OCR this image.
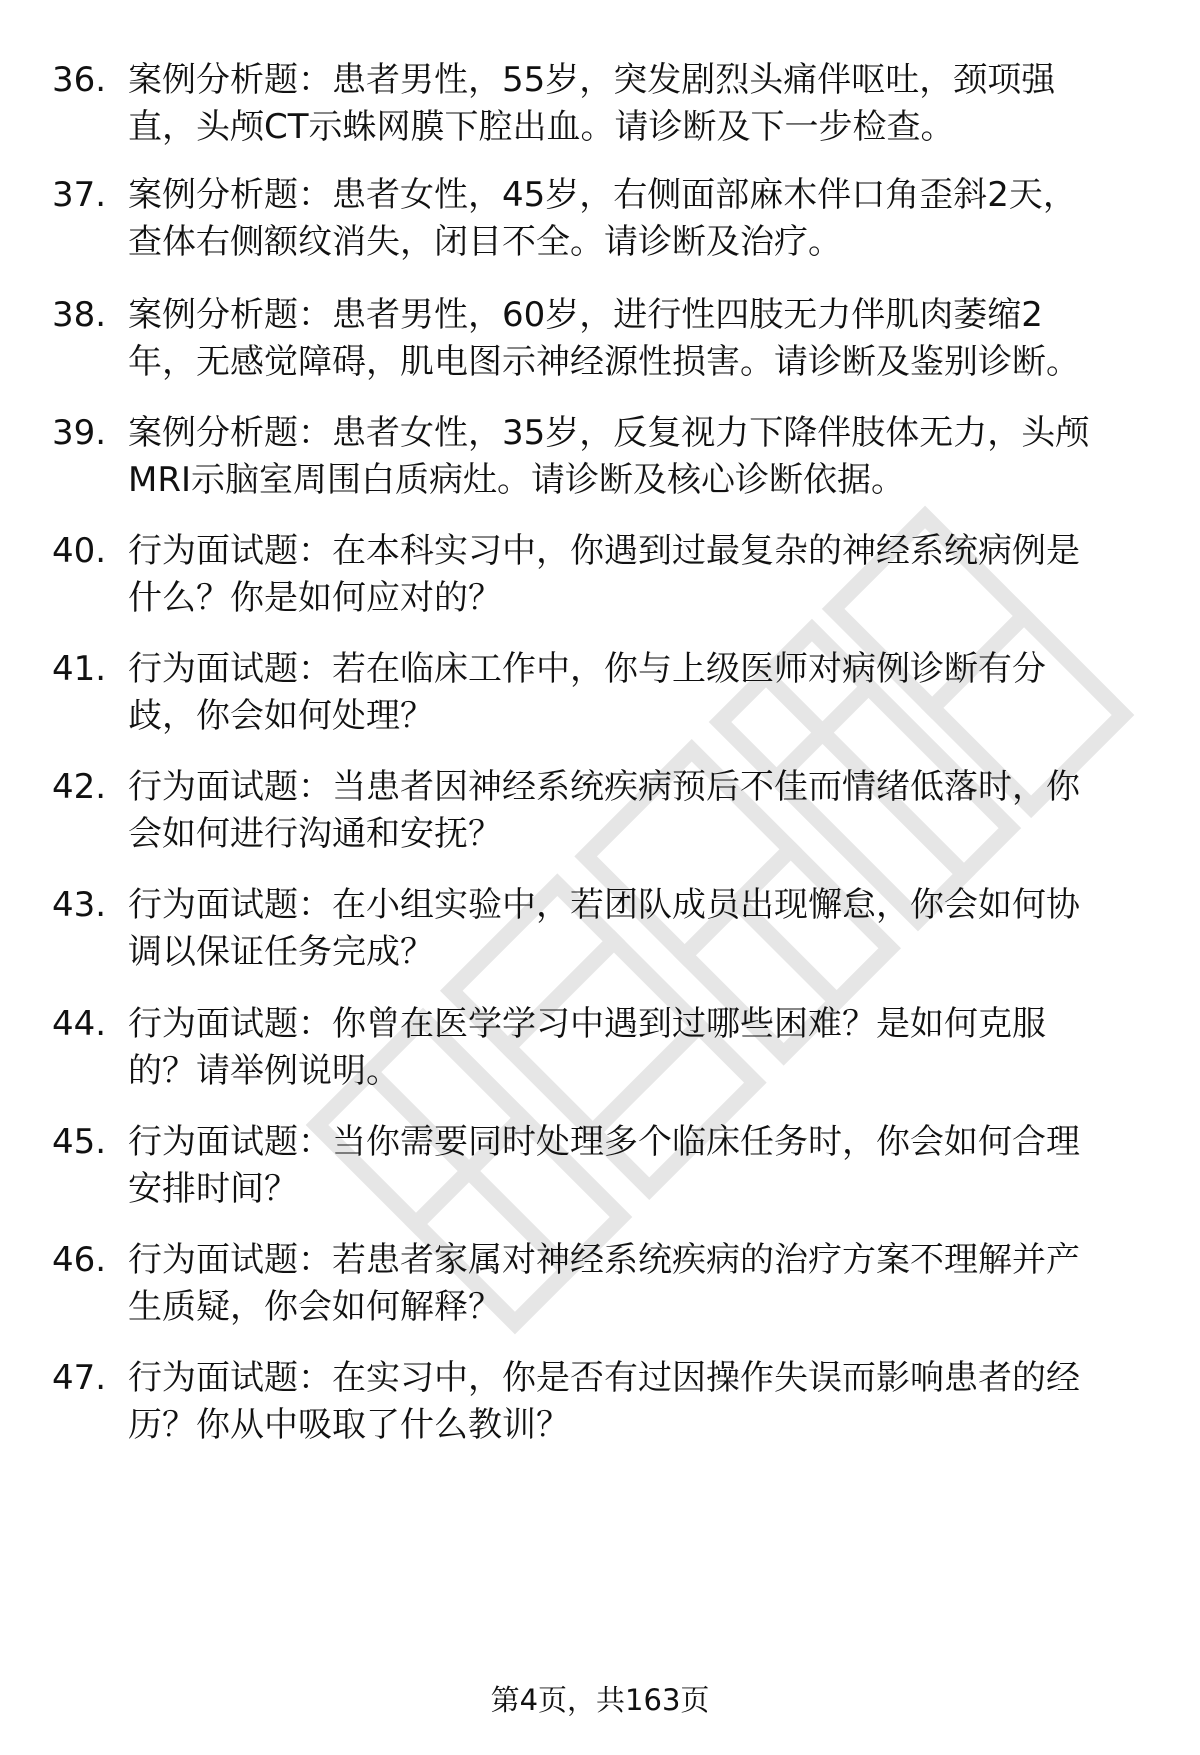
36. 案例分析题：患者男性，55岁，突发剧烈头痛伴呕吐，颈项强
直，头颅CT示蛛网膜下腔出血。请诊断及下一步检查。
37. 案例分析题：患者女性，45岁，右侧面部麻木伴口角歪斜2天，
查体右侧额纹消失，闭目不全。请诊断及治疗。
38. 案例分析题：患者男性，60岁，进行性四肢无力伴肌肉萎缩2
年，无感觉障碍，肌电图示神经源性损害。请诊断及鉴别诊断。
39. 案例分析题：患者女性，35岁，反复视力下降伴肢体无力，头颅
MRI示脑室周围白质病灶。请诊断及核心诊断依据。
40. 行为面试题：在本科实习中，你遇到过最复杂的神经系统病例是
什么？你是如何应对的？
41. 行为面试题：若在临床工作中，你与上级医师对病例诊断有分
歧，你会如何处理？
42. 行为面试题：当患者因神经系统疾病预后不佳而情绪低落时，你
会如何进行沟通和安抚？
43. 行为面试题：在小组实验中，若团队成员出现懈怠，你会如何协
调以保证任务完成？
44. 行为面试题：你曾在医学学习中遇到过哪些困难？是如何克服
的？请举例说明。
45. 行为面试题：当你需要同时处理多个临床任务时，你会如何合理
安排时间？
46. 行为面试题：若患者家属对神经系统疾病的治疗方案不理解并产
生质疑，你会如何解释？
47. 行为面试题：在实习中，你是否有过因操作失误而影响患者的经
历？你从中吸取了什么教训？
第4页，共163页
